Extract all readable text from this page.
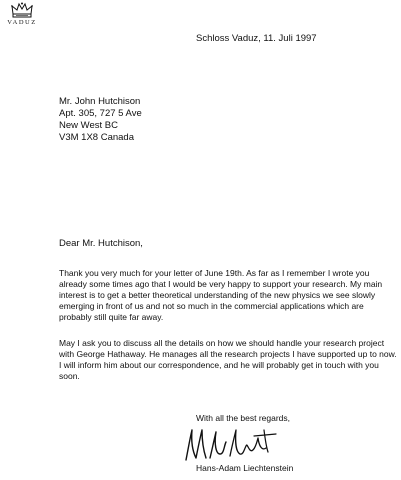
VADUZ
Schloss Vaduz, 11. Juli 1997
Mr. John Hutchison
Apt. 305, 727 5 Ave
New West BC
V3M 1X8 Canada
Dear Mr. Hutchison,
Thank you very much for your letter of June 19th. As far as I remember I wrote you already some times ago that I would be very happy to support your research. My main interest is to get a better theoretical understanding of the new physics we see slowly emerging in front of us and not so much in the commercial applications which are probably still quite far away.
May I ask you to discuss all the details on how we should handle your research project with George Hathaway. He manages all the research projects I have supported up to now. I will inform him about our correspondence, and he will probably get in touch with you soon.
With all the best regards,
Hans-Adam Liechtenstein
